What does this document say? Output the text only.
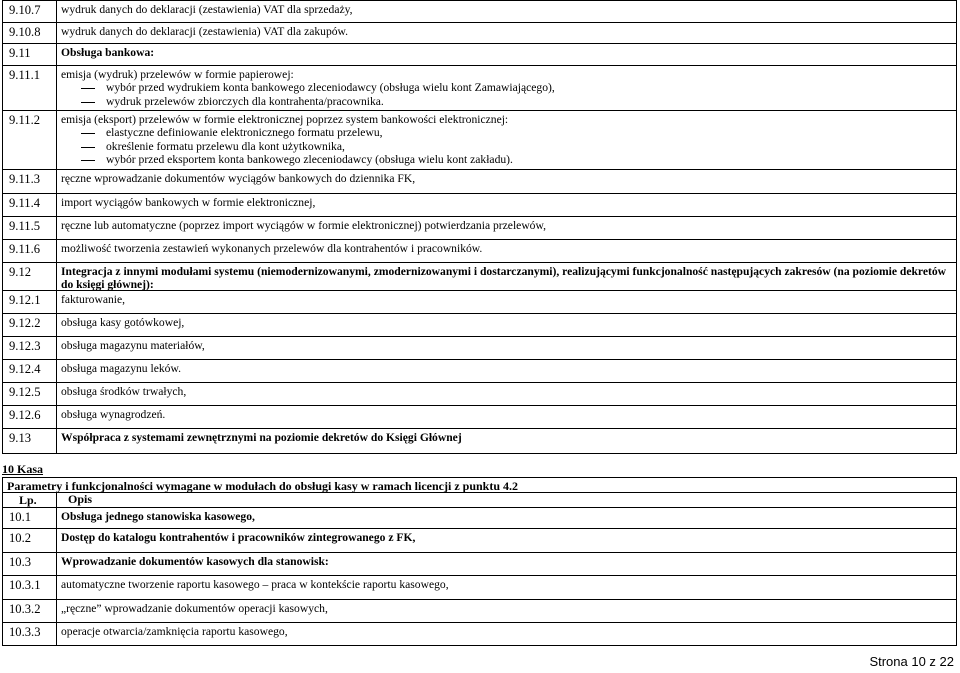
9.10.7 wydruk danych do deklaracji (zestawienia) VAT dla sprzedaży,
9.10.8 wydruk danych do deklaracji (zestawienia) VAT dla zakupów.
9.11	Obsługa bankowa:
9.11.1 emisja (wydruk) przelewów w formie papierowej:
wybór przed wydrukiem konta bankowego zleceniodawcy (obsługa wielu kont Zamawiającego),
wydruk przelewów zbiorczych dla kontrahenta/pracownika.
9.11.2 emisja (eksport) przelewów w formie elektronicznej poprzez system bankowości elektronicznej:
elastyczne definiowanie elektronicznego formatu przelewu,
określenie formatu przelewu dla kont użytkownika,
wybór przed eksportem konta bankowego zleceniodawcy (obsługa wielu kont zakładu).
9.11.3 ręczne wprowadzanie dokumentów wyciągów bankowych do dziennika FK,
9.11.4 import wyciągów bankowych w formie elektronicznej,
9.11.5 ręczne lub automatyczne (poprzez import wyciągów w formie elektronicznej) potwierdzania przelewów,
9.11.6 możliwość tworzenia zestawień wykonanych przelewów dla kontrahentów i pracowników.
9.12	Integracja z innymi modułami systemu (niemodernizowanymi, zmodernizowanymi i dostarczanymi), realizującymi funkcjonalność następujących zakresów (na poziomie dekretów do księgi głównej):
9.12.1 fakturowanie,
9.12.2 obsługa kasy gotówkowej,
9.12.3 obsługa magazynu materiałów,
9.12.4 obsługa magazynu leków.
9.12.5 obsługa środków trwałych,
9.12.6 obsługa wynagrodzeń.
9.13	Współpraca z systemami zewnętrznymi na poziomie dekretów do Księgi Głównej
10 Kasa
Parametry i funkcjonalności wymagane w modułach do obsługi kasy w ramach licencji z punktu 4.2
Lp.	Opis
10.1	Obsługa jednego stanowiska kasowego,
10.2	Dostęp do katalogu kontrahentów i pracowników zintegrowanego z FK,
10.3	Wprowadzanie dokumentów kasowych dla stanowisk:
10.3.1 automatyczne tworzenie raportu kasowego – praca w kontekście raportu kasowego,
10.3.2 „ręczne” wprowadzanie dokumentów operacji kasowych,
10.3.3 operacje otwarcia/zamknięcia raportu kasowego,
Strona 10 z 22
